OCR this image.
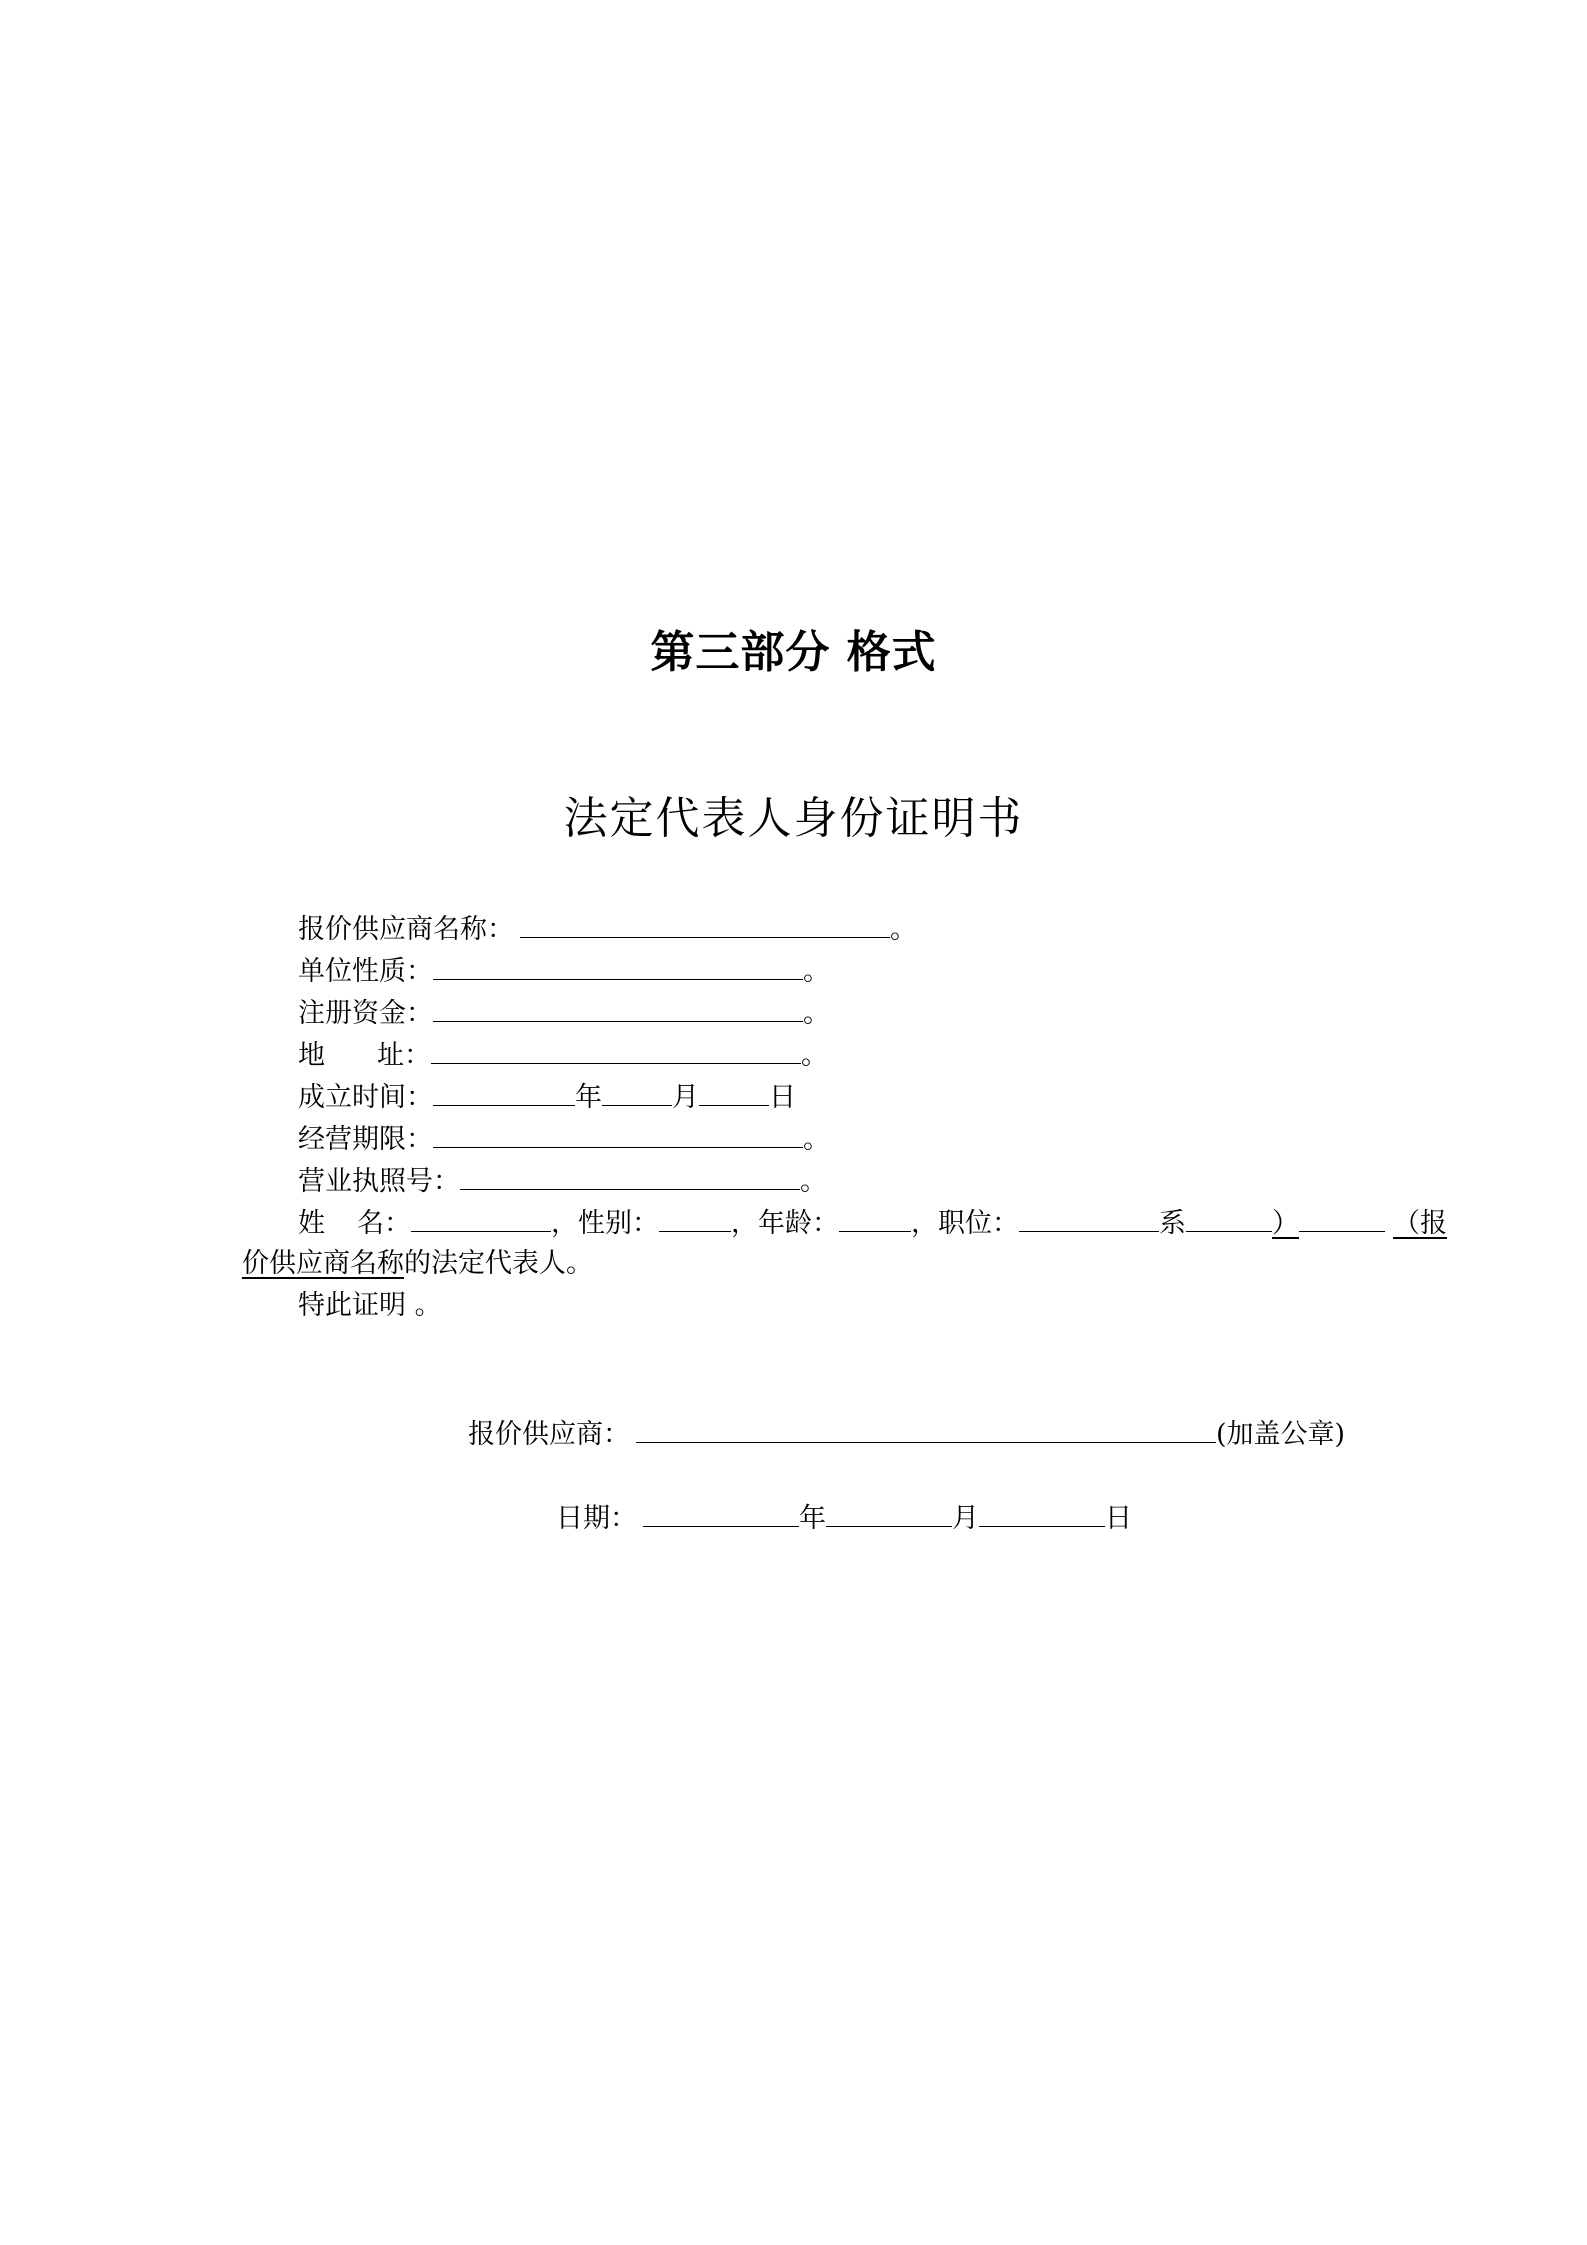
第三部分 格式
法定代表人身份证明书
报价供应商名称：	。
单位性质：	。
注册资金：	。
地址：	。
成立时间：	年	月	日
经营期限：	。
营业执照号：	。
姓名：	，性别：	，年龄：	，职位：	系	）	（报
价供应商名称的法定代表人。
特此证明 。
报价供应商：	(加盖公章)
日期：	年	月	日
